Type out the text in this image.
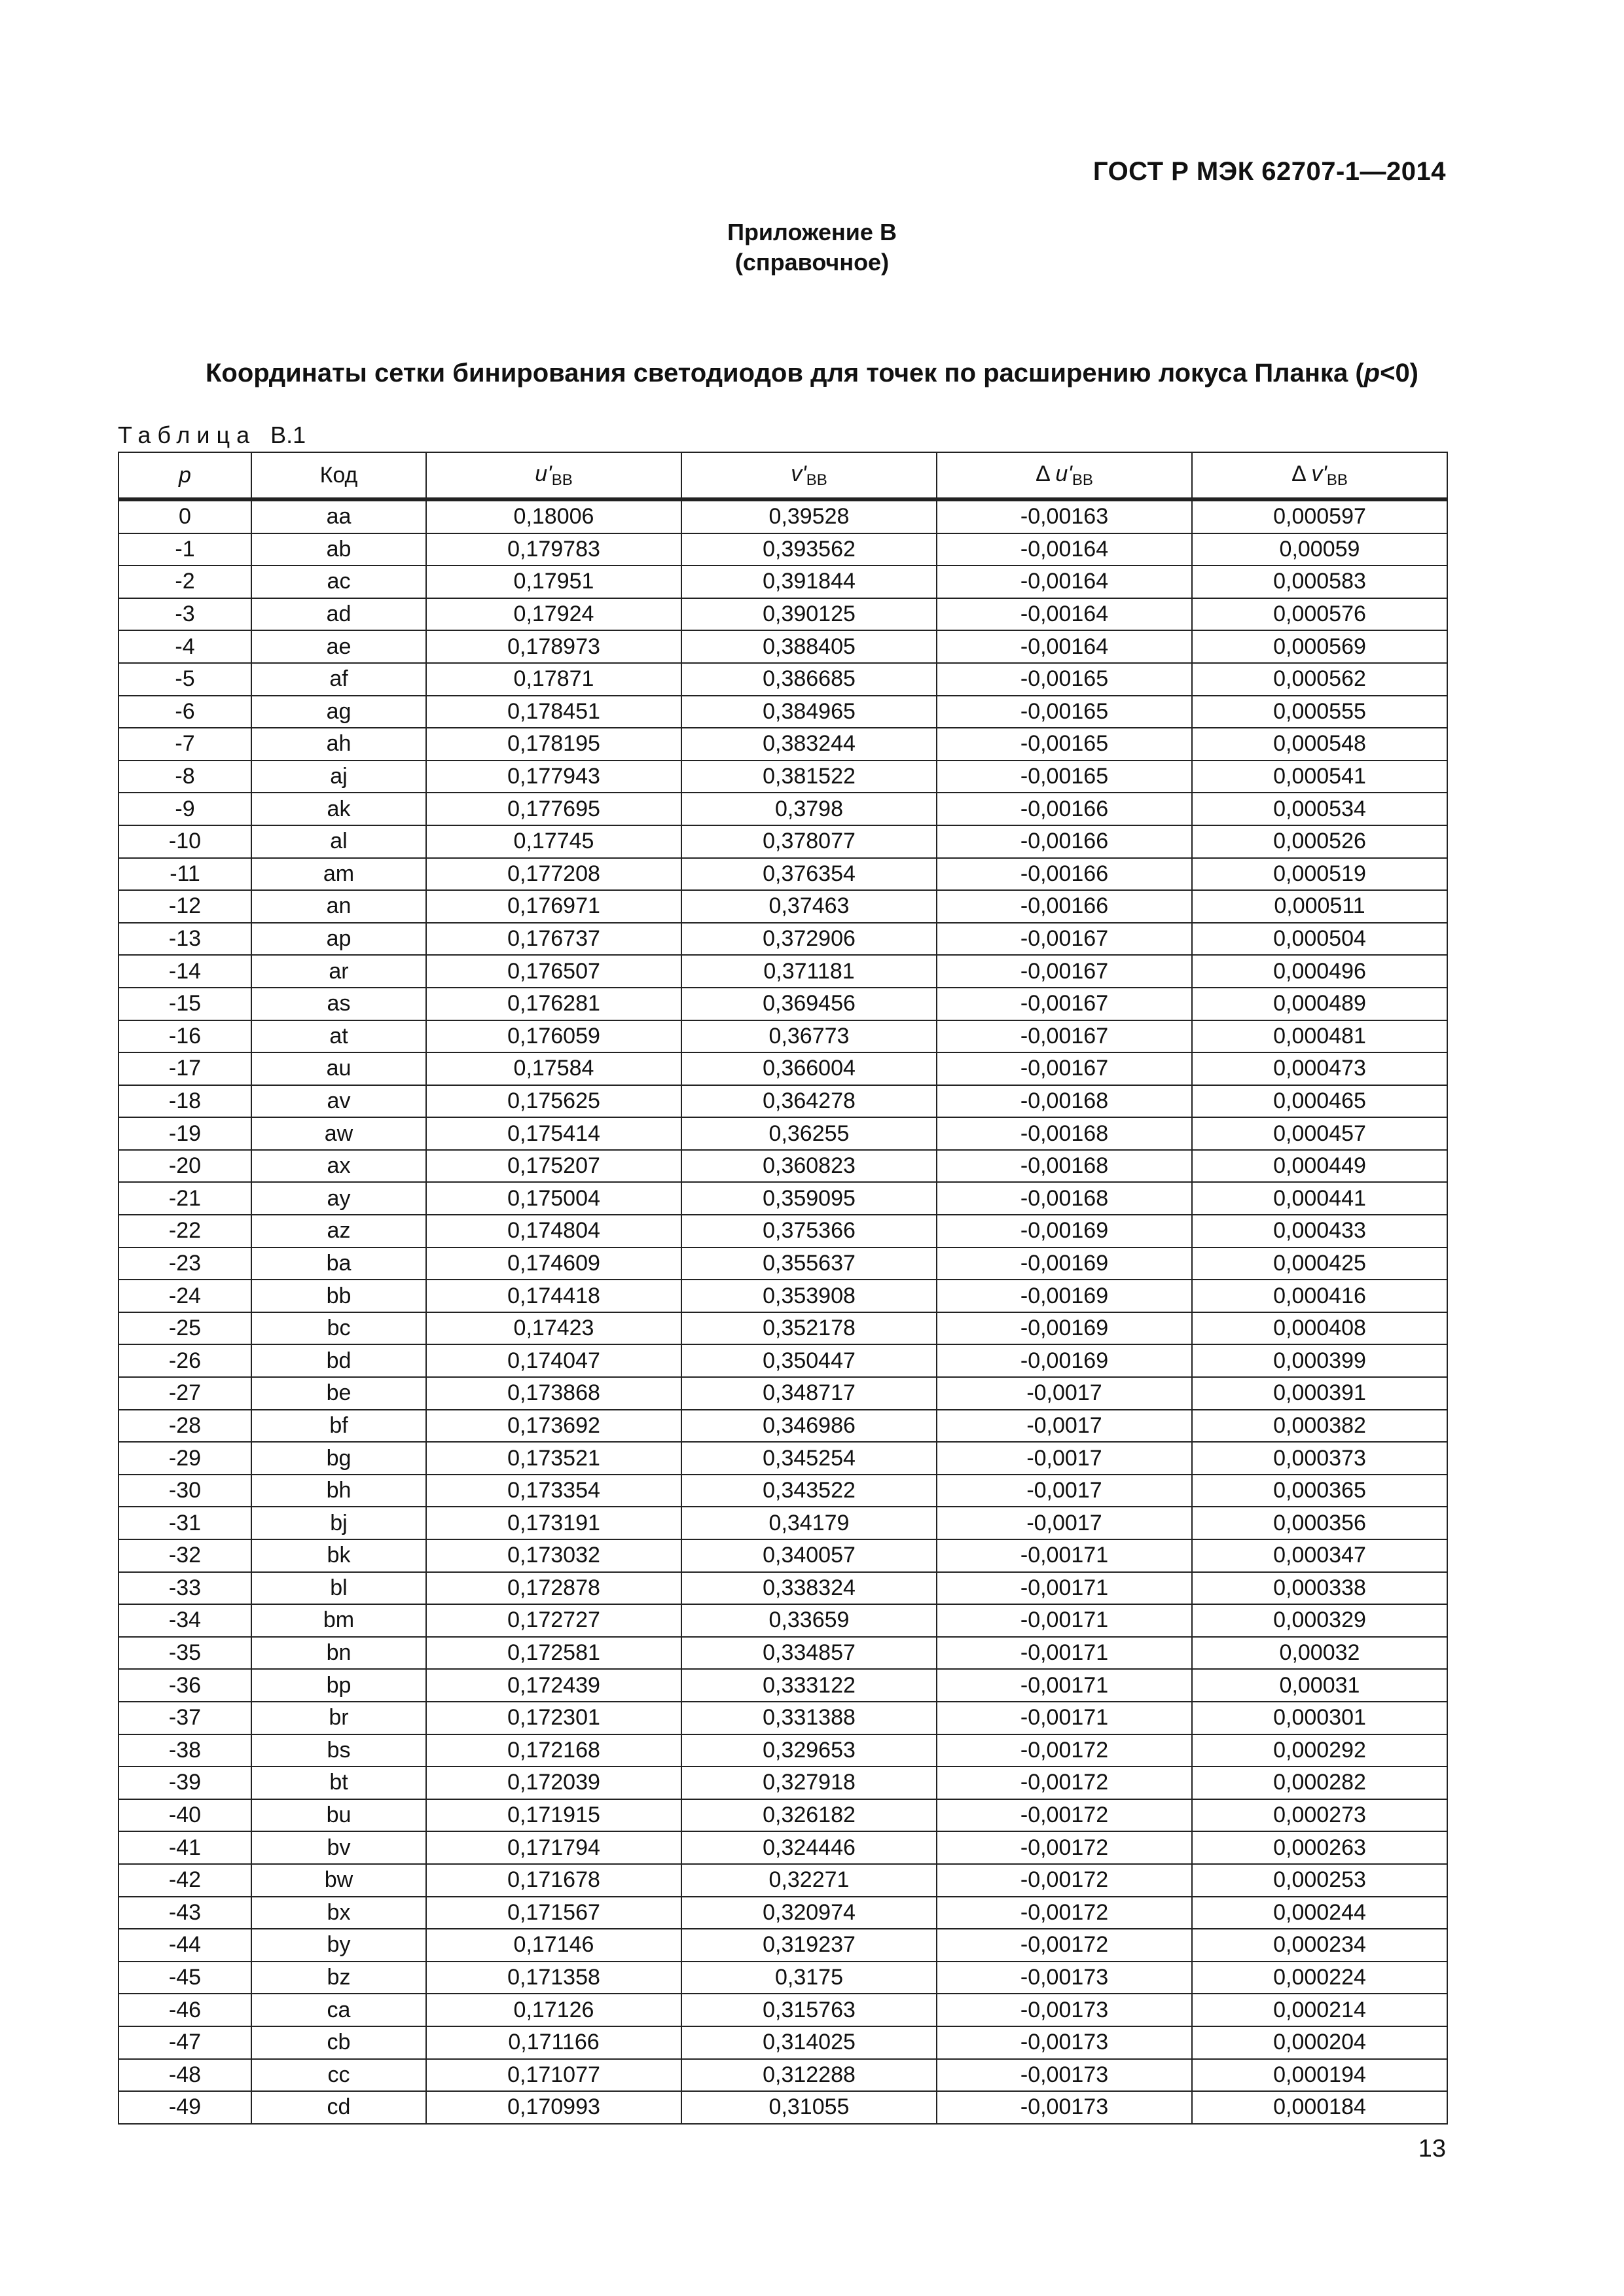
ГОСТ Р МЭК 62707-1—2014
Приложение В
(справочное)
Координаты сетки бинирования светодиодов для точек по расширению локуса Планка (p<0)
Таблица В.1
p	Код	u'BB	v'BB	Δ u'BB	Δ v'BB
0	aa	0,18006	0,39528	-0,00163	0,000597
-1	ab	0,179783	0,393562	-0,00164	0,00059
-2	ac	0,17951	0,391844	-0,00164	0,000583
-3	ad	0,17924	0,390125	-0,00164	0,000576
-4	ae	0,178973	0,388405	-0,00164	0,000569
-5	af	0,17871	0,386685	-0,00165	0,000562
-6	ag	0,178451	0,384965	-0,00165	0,000555
-7	ah	0,178195	0,383244	-0,00165	0,000548
-8	aj	0,177943	0,381522	-0,00165	0,000541
-9	ak	0,177695	0,3798	-0,00166	0,000534
-10	al	0,17745	0,378077	-0,00166	0,000526
-11	am	0,177208	0,376354	-0,00166	0,000519
-12	an	0,176971	0,37463	-0,00166	0,000511
-13	ap	0,176737	0,372906	-0,00167	0,000504
-14	ar	0,176507	0,371181	-0,00167	0,000496
-15	as	0,176281	0,369456	-0,00167	0,000489
-16	at	0,176059	0,36773	-0,00167	0,000481
-17	au	0,17584	0,366004	-0,00167	0,000473
-18	av	0,175625	0,364278	-0,00168	0,000465
-19	aw	0,175414	0,36255	-0,00168	0,000457
-20	ax	0,175207	0,360823	-0,00168	0,000449
-21	ay	0,175004	0,359095	-0,00168	0,000441
-22	az	0,174804	0,375366	-0,00169	0,000433
-23	ba	0,174609	0,355637	-0,00169	0,000425
-24	bb	0,174418	0,353908	-0,00169	0,000416
-25	bc	0,17423	0,352178	-0,00169	0,000408
-26	bd	0,174047	0,350447	-0,00169	0,000399
-27	be	0,173868	0,348717	-0,0017	0,000391
-28	bf	0,173692	0,346986	-0,0017	0,000382
-29	bg	0,173521	0,345254	-0,0017	0,000373
-30	bh	0,173354	0,343522	-0,0017	0,000365
-31	bj	0,173191	0,34179	-0,0017	0,000356
-32	bk	0,173032	0,340057	-0,00171	0,000347
-33	bl	0,172878	0,338324	-0,00171	0,000338
-34	bm	0,172727	0,33659	-0,00171	0,000329
-35	bn	0,172581	0,334857	-0,00171	0,00032
-36	bp	0,172439	0,333122	-0,00171	0,00031
-37	br	0,172301	0,331388	-0,00171	0,000301
-38	bs	0,172168	0,329653	-0,00172	0,000292
-39	bt	0,172039	0,327918	-0,00172	0,000282
-40	bu	0,171915	0,326182	-0,00172	0,000273
-41	bv	0,171794	0,324446	-0,00172	0,000263
-42	bw	0,171678	0,32271	-0,00172	0,000253
-43	bx	0,171567	0,320974	-0,00172	0,000244
-44	by	0,17146	0,319237	-0,00172	0,000234
-45	bz	0,171358	0,3175	-0,00173	0,000224
-46	ca	0,17126	0,315763	-0,00173	0,000214
-47	cb	0,171166	0,314025	-0,00173	0,000204
-48	cc	0,171077	0,312288	-0,00173	0,000194
-49	cd	0,170993	0,31055	-0,00173	0,000184
13
